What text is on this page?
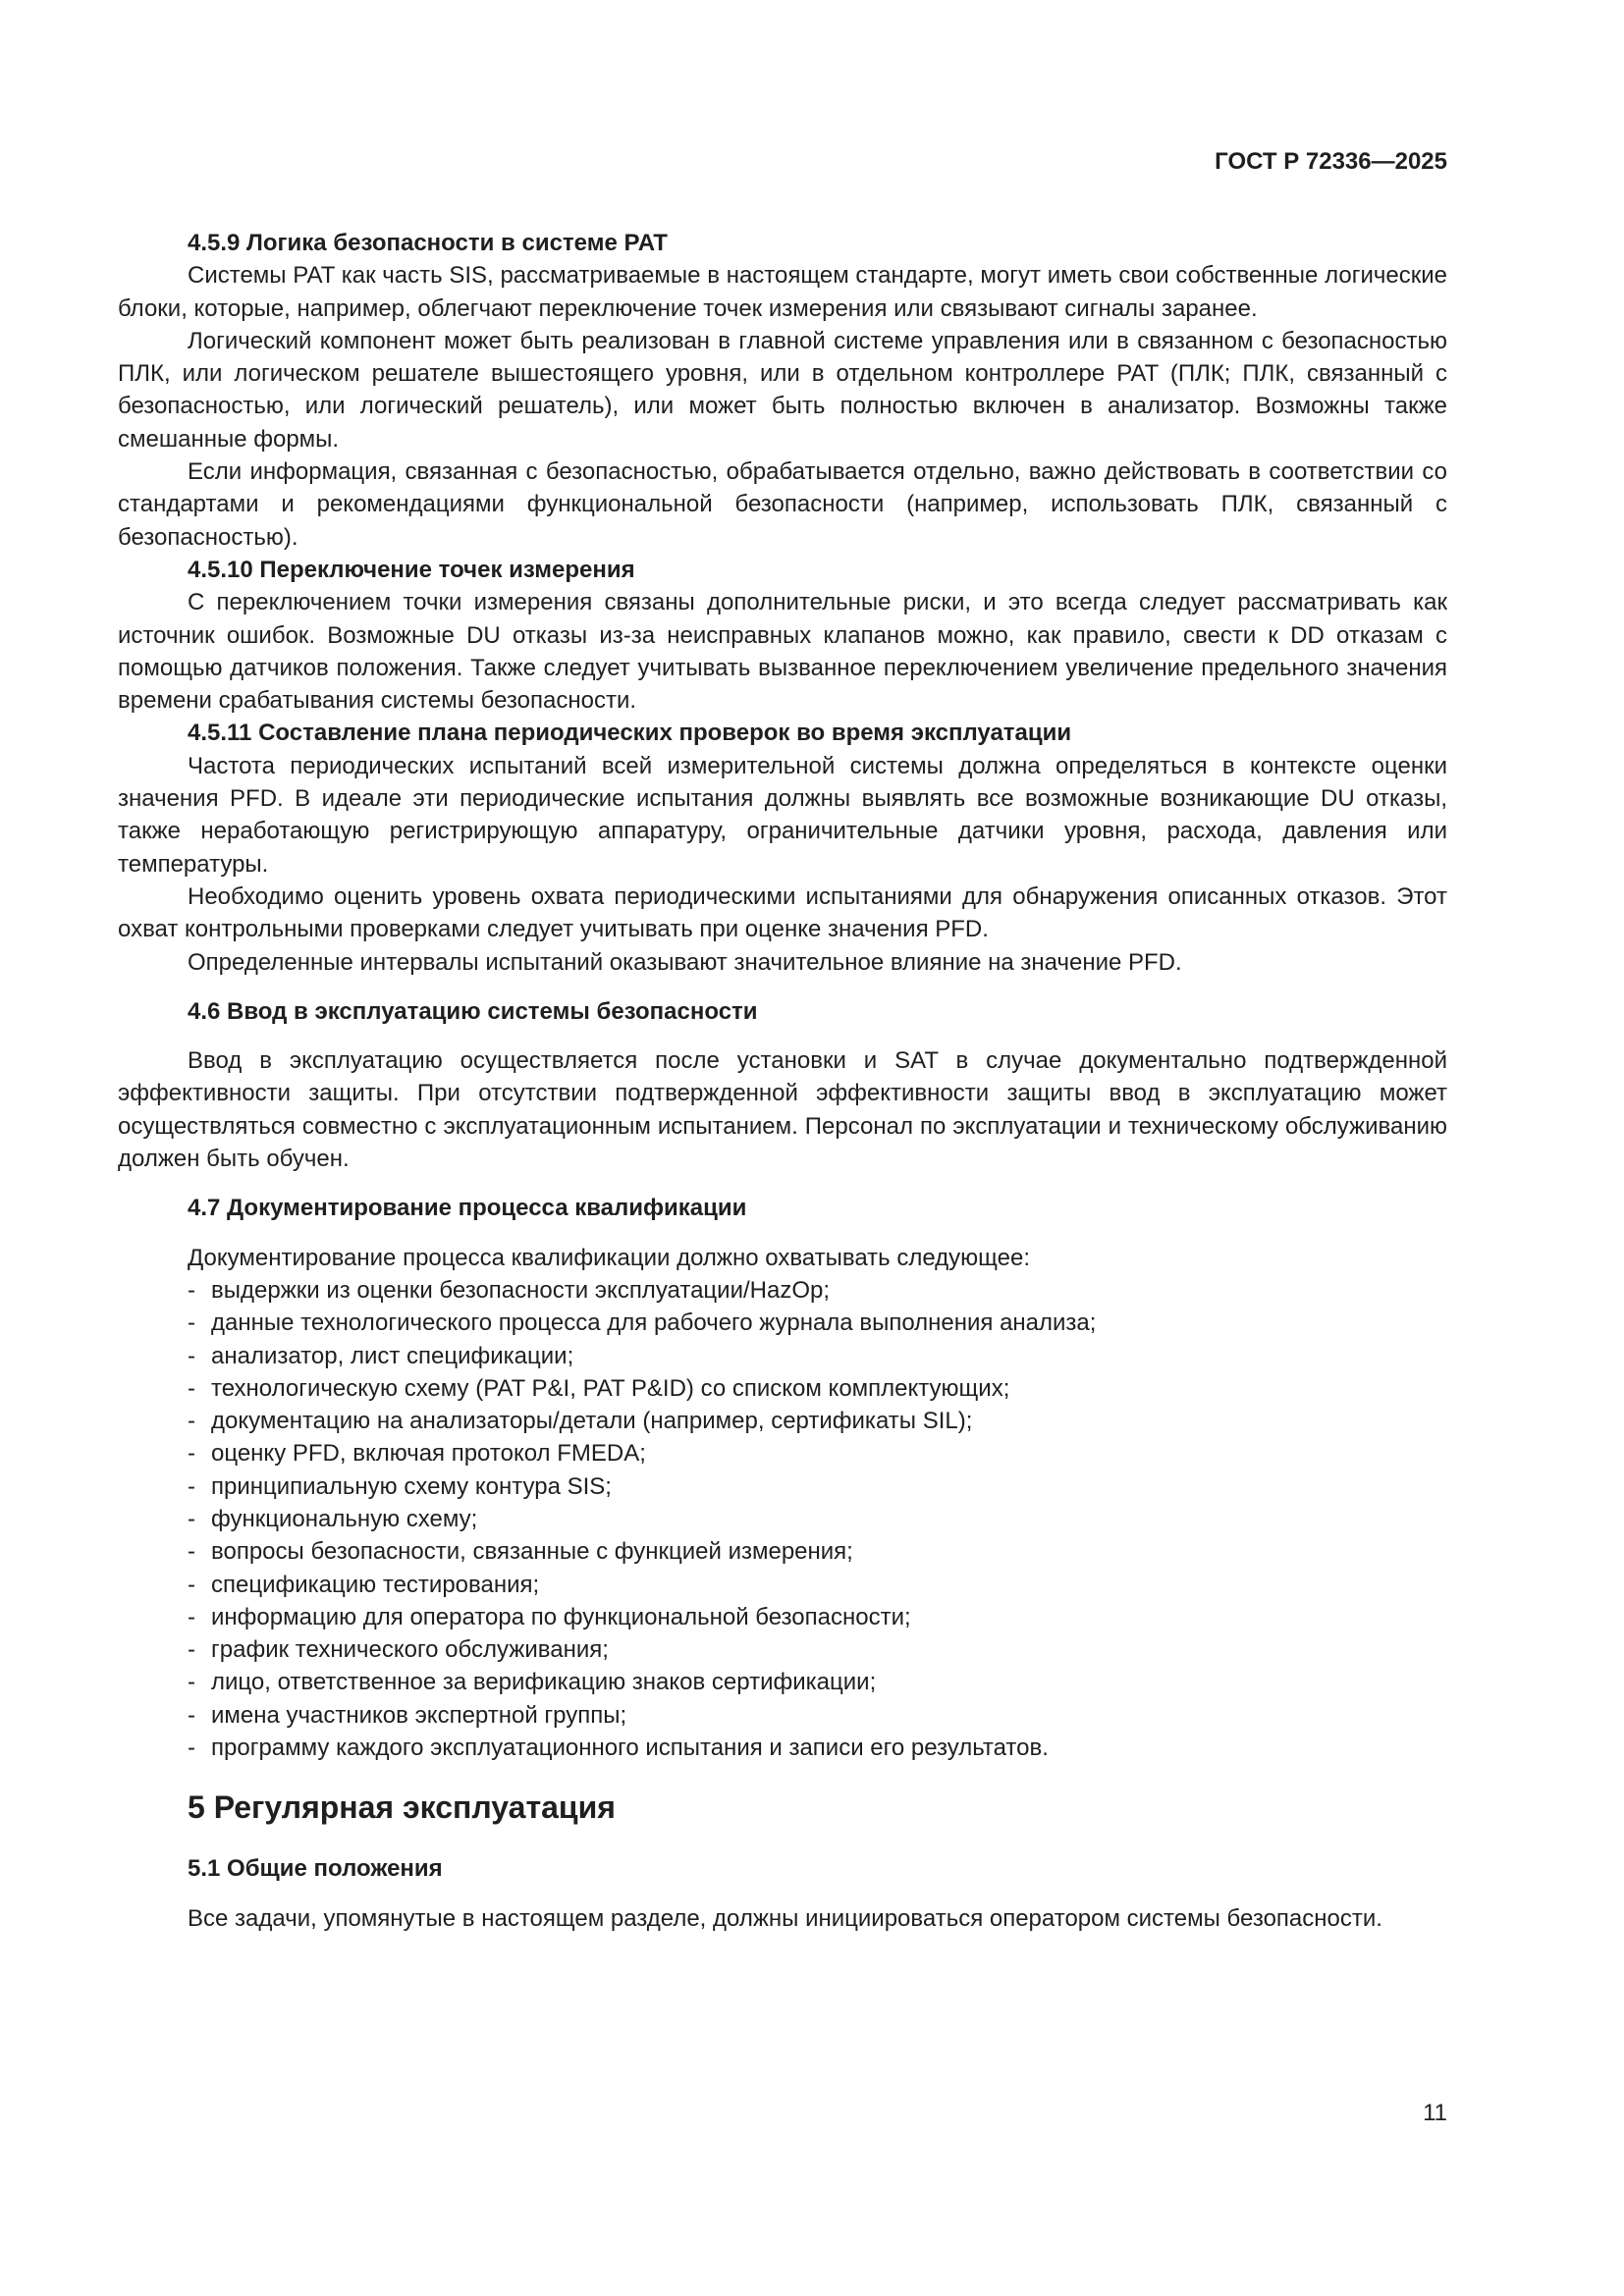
ГОСТ Р 72336—2025

4.5.9 Логика безопасности в системе PAT

Системы PAT как часть SIS, рассматриваемые в настоящем стандарте, могут иметь свои собственные логические блоки, которые, например, облегчают переключение точек измерения или связывают сигналы заранее.

Логический компонент может быть реализован в главной системе управления или в связанном с безопасностью ПЛК, или логическом решателе вышестоящего уровня, или в отдельном контроллере PAT (ПЛК; ПЛК, связанный с безопасностью, или логический решатель), или может быть полностью включен в анализатор. Возможны также смешанные формы.

Если информация, связанная с безопасностью, обрабатывается отдельно, важно действовать в соответствии со стандартами и рекомендациями функциональной безопасности (например, использовать ПЛК, связанный с безопасностью).

4.5.10 Переключение точек измерения

С переключением точки измерения связаны дополнительные риски, и это всегда следует рассматривать как источник ошибок. Возможные DU отказы из-за неисправных клапанов можно, как правило, свести к DD отказам с помощью датчиков положения. Также следует учитывать вызванное переключением увеличение предельного значения времени срабатывания системы безопасности.

4.5.11 Составление плана периодических проверок во время эксплуатации

Частота периодических испытаний всей измерительной системы должна определяться в контексте оценки значения PFD. В идеале эти периодические испытания должны выявлять все возможные возникающие DU отказы, также неработающую регистрирующую аппаратуру, ограничительные датчики уровня, расхода, давления или температуры.

Необходимо оценить уровень охвата периодическими испытаниями для обнаружения описанных отказов. Этот охват контрольными проверками следует учитывать при оценке значения PFD.

Определенные интервалы испытаний оказывают значительное влияние на значение PFD.

4.6 Ввод в эксплуатацию системы безопасности

Ввод в эксплуатацию осуществляется после установки и SAT в случае документально подтвержденной эффективности защиты. При отсутствии подтвержденной эффективности защиты ввод в эксплуатацию может осуществляться совместно с эксплуатационным испытанием. Персонал по эксплуатации и техническому обслуживанию должен быть обучен.

4.7 Документирование процесса квалификации

Документирование процесса квалификации должно охватывать следующее:

- выдержки из оценки безопасности эксплуатации/HazOp;
- данные технологического процесса для рабочего журнала выполнения анализа;
- анализатор, лист спецификации;
- технологическую схему (PAT P&I, PAT P&ID) со списком комплектующих;
- документацию на анализаторы/детали (например, сертификаты SIL);
- оценку PFD, включая протокол FMEDA;
- принципиальную схему контура SIS;
- функциональную схему;
- вопросы безопасности, связанные с функцией измерения;
- спецификацию тестирования;
- информацию для оператора по функциональной безопасности;
- график технического обслуживания;
- лицо, ответственное за верификацию знаков сертификации;
- имена участников экспертной группы;
- программу каждого эксплуатационного испытания и записи его результатов.
5 Регулярная эксплуатация
5.1 Общие положения

Все задачи, упомянутые в настоящем разделе, должны инициироваться оператором системы безопасности.

11
